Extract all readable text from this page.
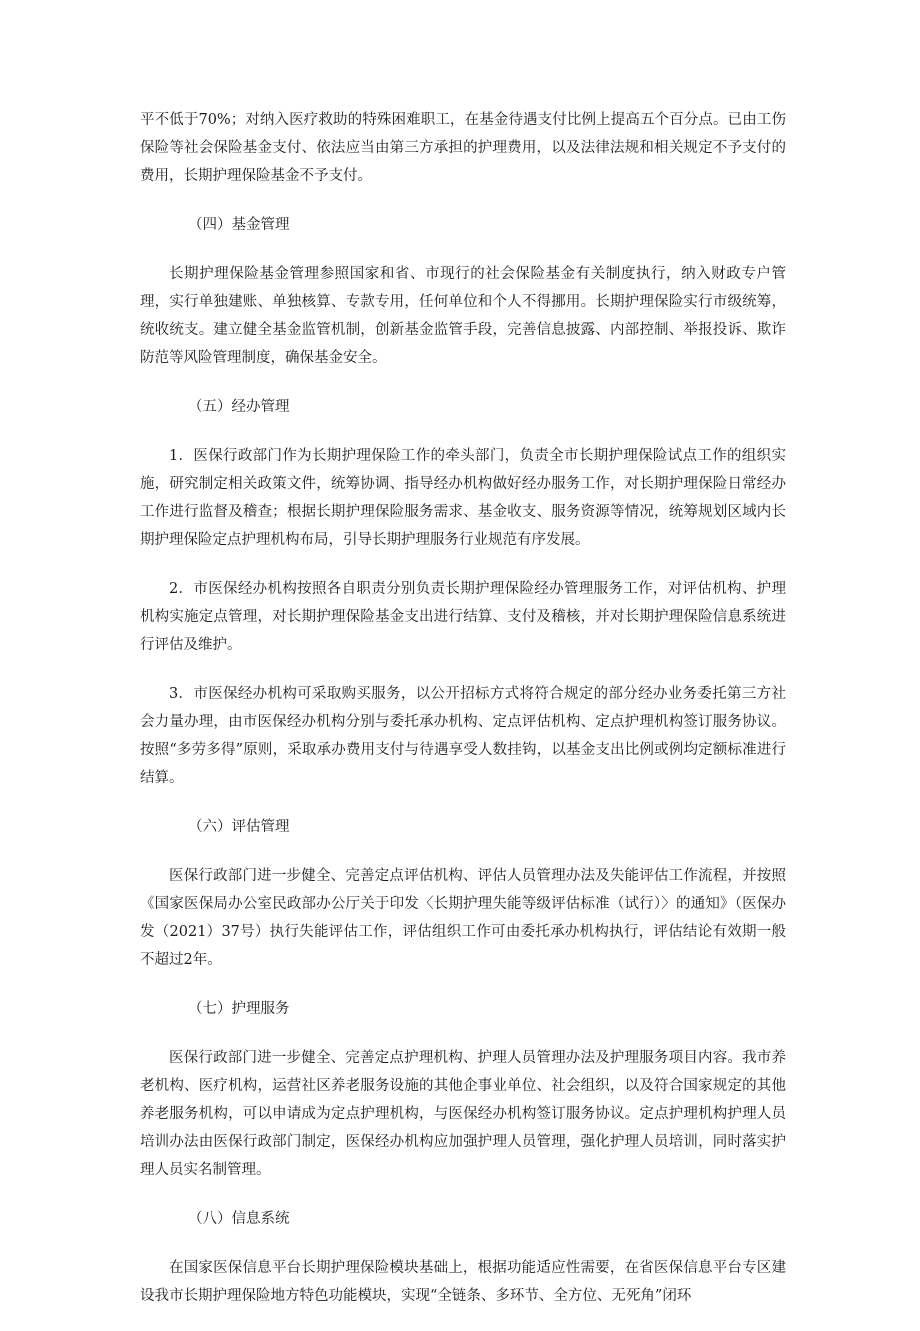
平不低于70%；对纳入医疗救助的特殊困难职工，在基金待遇支付比例上提高五个百分点。已由工伤保险等社会保险基金支付、依法应当由第三方承担的护理费用，以及法律法规和相关规定不予支付的费用，长期护理保险基金不予支付。

（四）基金管理

长期护理保险基金管理参照国家和省、市现行的社会保险基金有关制度执行，纳入财政专户管理，实行单独建账、单独核算、专款专用，任何单位和个人不得挪用。长期护理保险实行市级统筹，统收统支。建立健全基金监管机制，创新基金监管手段，完善信息披露、内部控制、举报投诉、欺诈防范等风险管理制度，确保基金安全。

（五）经办管理

1．医保行政部门作为长期护理保险工作的牵头部门，负责全市长期护理保险试点工作的组织实施，研究制定相关政策文件，统筹协调、指导经办机构做好经办服务工作，对长期护理保险日常经办工作进行监督及稽查；根据长期护理保险服务需求、基金收支、服务资源等情况，统筹规划区域内长期护理保险定点护理机构布局，引导长期护理服务行业规范有序发展。

2．市医保经办机构按照各自职责分别负责长期护理保险经办管理服务工作，对评估机构、护理机构实施定点管理，对长期护理保险基金支出进行结算、支付及稽核，并对长期护理保险信息系统进行评估及维护。

3．市医保经办机构可采取购买服务，以公开招标方式将符合规定的部分经办业务委托第三方社会力量办理，由市医保经办机构分别与委托承办机构、定点评估机构、定点护理机构签订服务协议。按照“多劳多得”原则，采取承办费用支付与待遇享受人数挂钩，以基金支出比例或例均定额标准进行结算。

（六）评估管理

医保行政部门进一步健全、完善定点评估机构、评估人员管理办法及失能评估工作流程，并按照《国家医保局办公室民政部办公厅关于印发〈长期护理失能等级评估标准（试行）〉的通知》（医保办发（2021）37号）执行失能评估工作，评估组织工作可由委托承办机构执行，评估结论有效期一般不超过2年。

（七）护理服务

医保行政部门进一步健全、完善定点护理机构、护理人员管理办法及护理服务项目内容。我市养老机构、医疗机构，运营社区养老服务设施的其他企事业单位、社会组织，以及符合国家规定的其他养老服务机构，可以申请成为定点护理机构，与医保经办机构签订服务协议。定点护理机构护理人员培训办法由医保行政部门制定，医保经办机构应加强护理人员管理，强化护理人员培训，同时落实护理人员实名制管理。

（八）信息系统

在国家医保信息平台长期护理保险模块基础上，根据功能适应性需要，在省医保信息平台专区建设我市长期护理保险地方特色功能模块，实现“全链条、多环节、全方位、无死角”闭环
